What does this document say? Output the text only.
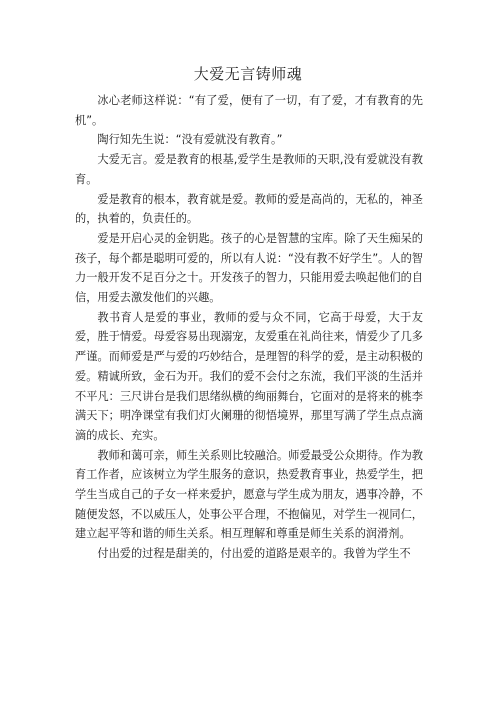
大爱无言铸师魂

冰心老师这样说：“有了爱，便有了一切，有了爱，才有教育的先机”。

陶行知先生说：“没有爱就没有教育。”

大爱无言。爱是教育的根基,爱学生是教师的天职,没有爱就没有教育。

爱是教育的根本，教育就是爱。教师的爱是高尚的，无私的，神圣的，执着的，负责任的。

爱是开启心灵的金钥匙。孩子的心是智慧的宝库。除了天生痴呆的孩子，每个都是聪明可爱的，所以有人说：“没有教不好学生”。人的智力一般开发不足百分之十。开发孩子的智力，只能用爱去唤起他们的自信，用爱去激发他们的兴趣。

教书育人是爱的事业，教师的爱与众不同，它高于母爱，大于友爱，胜于情爱。母爱容易出现溺宠，友爱重在礼尚往来，情爱少了几多严谨。而师爱是严与爱的巧妙结合，是理智的科学的爱，是主动积极的爱。精诚所致，金石为开。我们的爱不会付之东流，我们平淡的生活并不平凡：三尺讲台是我们思绪纵横的绚丽舞台，它面对的是将来的桃李满天下；明净课堂有我们灯火阑珊的彻悟境界，那里写满了学生点点滴滴的成长、充实。

教师和蔼可亲，师生关系则比较融洽。师爱最受公众期待。作为教育工作者，应该树立为学生服务的意识，热爱教育事业，热爱学生，把学生当成自己的子女一样来爱护，愿意与学生成为朋友，遇事冷静，不随便发怒，不以威压人，处事公平合理，不抱偏见，对学生一视同仁，建立起平等和谐的师生关系。相互理解和尊重是师生关系的润滑剂。

付出爱的过程是甜美的，付出爱的道路是艰辛的。我曾为学生不
